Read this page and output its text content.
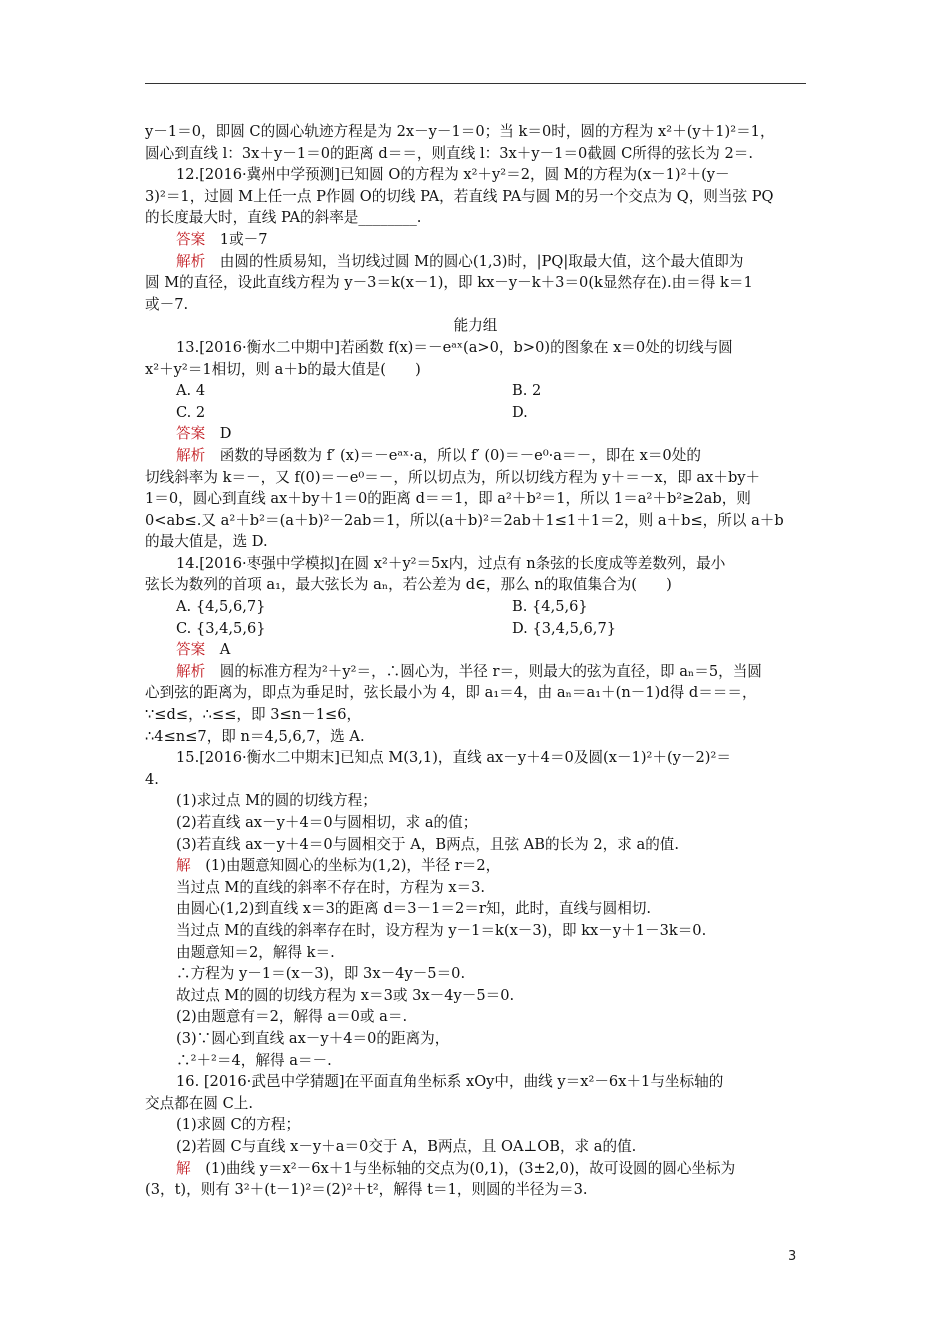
y－1＝0，即圆 C的圆心轨迹方程是为 2x－y－1＝0；当 k＝0时，圆的方程为 x²＋(y＋1)²＝1，
圆心到直线 l：3x＋y－1＝0的距离 d＝＝，则直线 l：3x＋y－1＝0截圆 C所得的弦长为 2＝.
12.[2016·冀州中学预测]已知圆 O的方程为 x²＋y²＝2，圆 M的方程为(x－1)²＋(y－
3)²＝1，过圆 M上任一点 P作圆 O的切线 PA，若直线 PA与圆 M的另一个交点为 Q，则当弦 PQ
的长度最大时，直线 PA的斜率是________.
答案　1或－7
解析　由圆的性质易知，当切线过圆 M的圆心(1,3)时，|PQ|取最大值，这个最大值即为
圆 M的直径，设此直线方程为 y－3＝k(x－1)，即 kx－y－k＋3＝0(k显然存在).由＝得 k＝1
或－7.
能力组
13.[2016·衡水二中期中]若函数 f(x)＝－eᵃˣ(a>0，b>0)的图象在 x＝0处的切线与圆
x²＋y²＝1相切，则 a＋b的最大值是(　　)
A. 4	B. 2
C. 2	D.
答案　D
解析　函数的导函数为 f′ (x)＝－eᵃˣ·a，所以 f′ (0)＝－e⁰·a＝－，即在 x＝0处的
切线斜率为 k＝－，又 f(0)＝－e⁰＝－，所以切点为，所以切线方程为 y＋＝－x，即 ax＋by＋
1＝0，圆心到直线 ax＋by＋1＝0的距离 d＝＝1，即 a²＋b²＝1，所以 1＝a²＋b²≥2ab，则
0<ab≤.又 a²＋b²＝(a＋b)²－2ab＝1，所以(a＋b)²＝2ab＋1≤1＋1＝2，则 a＋b≤，所以 a＋b
的最大值是，选 D.
14.[2016·枣强中学模拟]在圆 x²＋y²＝5x内，过点有 n条弦的长度成等差数列，最小
弦长为数列的首项 a₁，最大弦长为 aₙ，若公差为 d∈，那么 n的取值集合为(　　)
A. {4,5,6,7}	B. {4,5,6}
C. {3,4,5,6}	D. {3,4,5,6,7}
答案　A
解析　圆的标准方程为²＋y²＝，∴圆心为，半径 r＝，则最大的弦为直径，即 aₙ＝5，当圆
心到弦的距离为，即点为垂足时，弦长最小为 4，即 a₁＝4，由 aₙ＝a₁＋(n－1)d得 d＝＝＝，
∵≤d≤，∴≤≤，即 3≤n－1≤6，
∴4≤n≤7，即 n＝4,5,6,7，选 A.
15.[2016·衡水二中期末]已知点 M(3,1)，直线 ax－y＋4＝0及圆(x－1)²＋(y－2)²＝
4.
(1)求过点 M的圆的切线方程；
(2)若直线 ax－y＋4＝0与圆相切，求 a的值；
(3)若直线 ax－y＋4＝0与圆相交于 A，B两点，且弦 AB的长为 2，求 a的值.
解　(1)由题意知圆心的坐标为(1,2)，半径 r＝2，
当过点 M的直线的斜率不存在时，方程为 x＝3.
由圆心(1,2)到直线 x＝3的距离 d＝3－1＝2＝r知，此时，直线与圆相切.
当过点 M的直线的斜率存在时，设方程为 y－1＝k(x－3)，即 kx－y＋1－3k＝0.
由题意知＝2，解得 k＝.
∴方程为 y－1＝(x－3)，即 3x－4y－5＝0.
故过点 M的圆的切线方程为 x＝3或 3x－4y－5＝0.
(2)由题意有＝2，解得 a＝0或 a＝.
(3)∵圆心到直线 ax－y＋4＝0的距离为，
∴²＋²＝4，解得 a＝－.
16. [2016·武邑中学猜题]在平面直角坐标系 xOy中，曲线 y＝x²－6x＋1与坐标轴的
交点都在圆 C上.
(1)求圆 C的方程；
(2)若圆 C与直线 x－y＋a＝0交于 A，B两点，且 OA⊥OB，求 a的值.
解　(1)曲线 y＝x²－6x＋1与坐标轴的交点为(0,1)，(3±2,0)，故可设圆的圆心坐标为
(3，t)，则有 3²＋(t－1)²＝(2)²＋t²，解得 t＝1，则圆的半径为＝3.
3
